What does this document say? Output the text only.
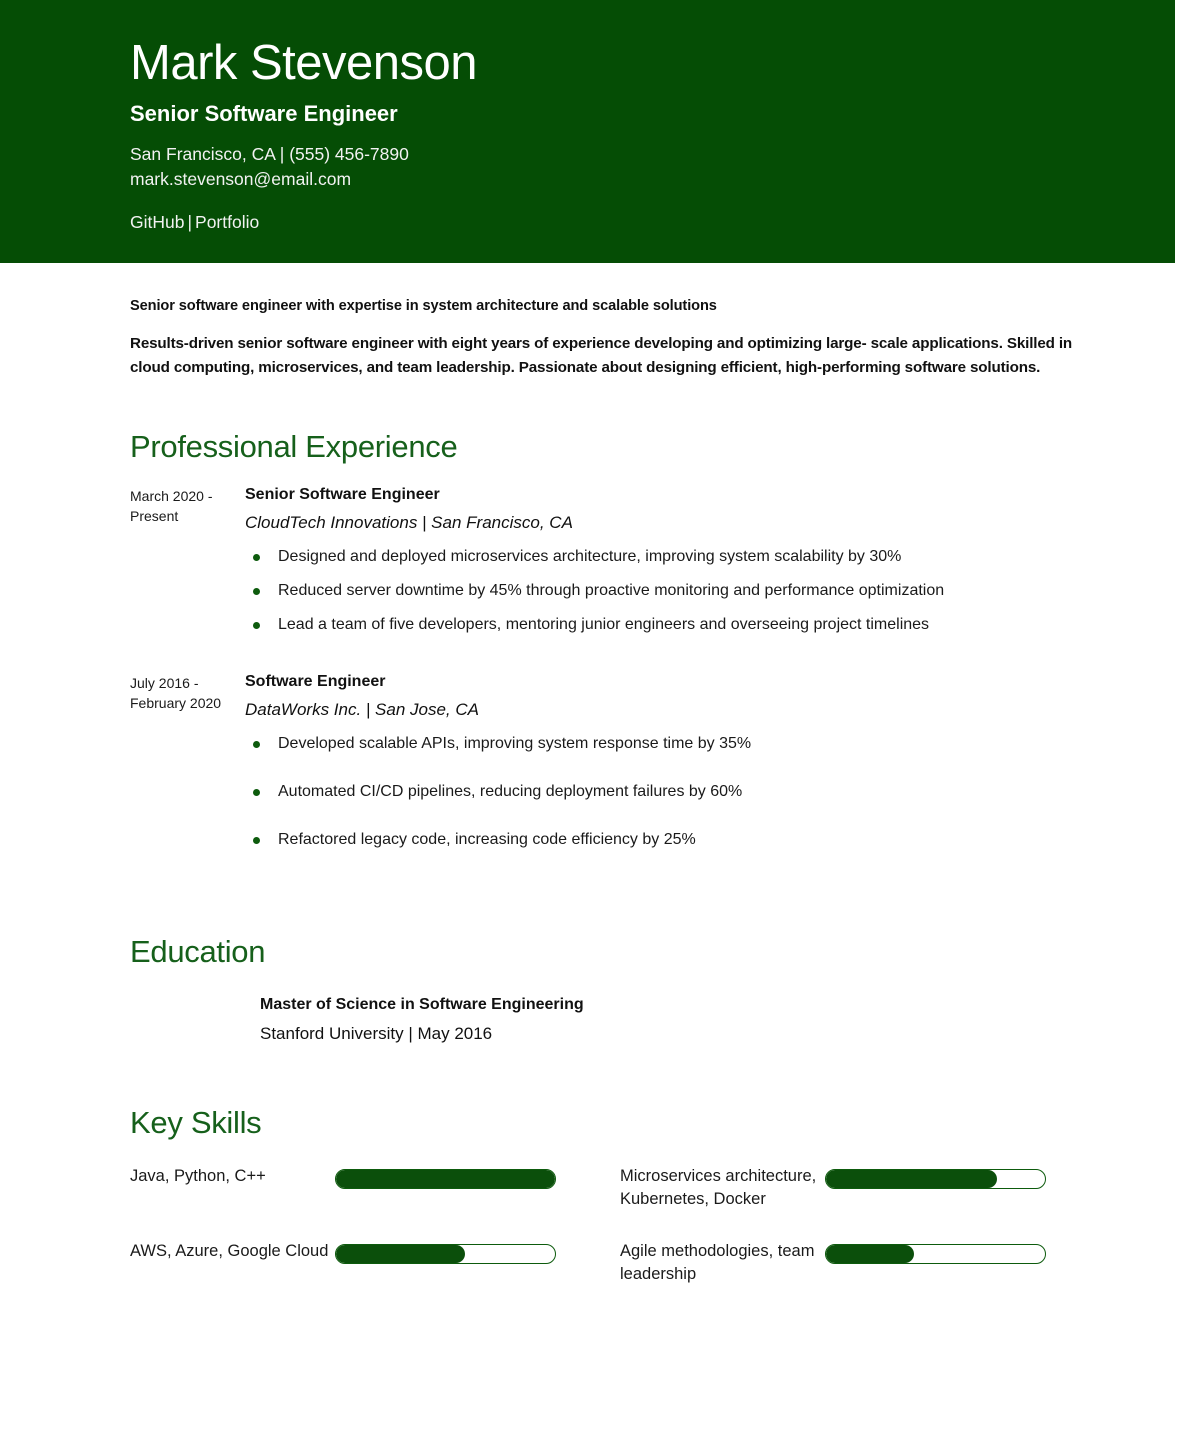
Mark Stevenson
Senior Software Engineer
San Francisco, CA | (555) 456-7890
mark.stevenson@email.com
GitHub | Portfolio

Senior software engineer with expertise in system architecture and scalable solutions

Results-driven senior software engineer with eight years of experience developing and optimizing large- scale applications. Skilled in cloud computing, microservices, and team leadership. Passionate about designing efficient, high-performing software solutions.

Professional Experience
March 2020 - Present
Senior Software Engineer
CloudTech Innovations | San Francisco, CA
Designed and deployed microservices architecture, improving system scalability by 30%
Reduced server downtime by 45% through proactive monitoring and performance optimization
Lead a team of five developers, mentoring junior engineers and overseeing project timelines
July 2016 - February 2020
Software Engineer
DataWorks Inc. | San Jose, CA
Developed scalable APIs, improving system response time by 35%
Automated CI/CD pipelines, reducing deployment failures by 60%
Refactored legacy code, increasing code efficiency by 25%
Education
Master of Science in Software Engineering
Stanford University | May 2016
Key Skills
Java, Python, C++	Microservices architecture, Kubernetes, Docker
AWS, Azure, Google Cloud	Agile methodologies, team leadership
